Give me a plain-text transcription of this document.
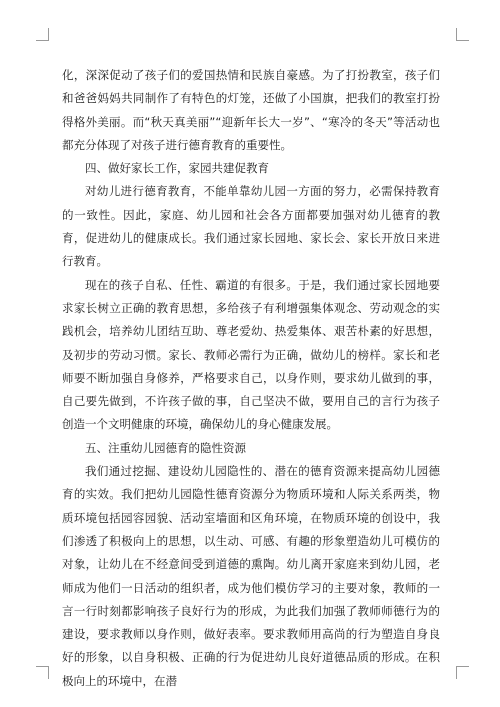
化，深深促动了孩子们的爱国热情和民族自豪感。为了打扮教室，孩子们和爸爸妈妈共同制作了有特色的灯笼，还做了小国旗，把我们的教室打扮得格外美丽。而“秋天真美丽”“迎新年长大一岁”、“寒冷的冬天”等活动也都充分体现了对孩子进行德育教育的重要性。

四、做好家长工作，家园共建促教育

对幼儿进行德育教育，不能单靠幼儿园一方面的努力，必需保持教育的一致性。因此，家庭、幼儿园和社会各方面都要加强对幼儿德育的教育，促进幼儿的健康成长。我们通过家长园地、家长会、家长开放日来进行教育。

现在的孩子自私、任性、霸道的有很多。于是，我们通过家长园地要求家长树立正确的教育思想，多给孩子有利增强集体观念、劳动观念的实践机会，培养幼儿团结互助、尊老爱幼、热爱集体、艰苦朴素的好思想，及初步的劳动习惯。家长、教师必需行为正确，做幼儿的榜样。家长和老师要不断加强自身修养，严格要求自己，以身作则，要求幼儿做到的事，自己要先做到，不许孩子做的事，自己坚决不做，要用自己的言行为孩子创造一个文明健康的环境，确保幼儿的身心健康发展。

五、注重幼儿园德育的隐性资源

我们通过挖掘、建设幼儿园隐性的、潜在的德育资源来提高幼儿园德育的实效。我们把幼儿园隐性德育资源分为物质环境和人际关系两类，物质环境包括园容园貌、活动室墙面和区角环境，在物质环境的创设中，我们渗透了积极向上的思想，以生动、可感、有趣的形象塑造幼儿可模仿的对象，让幼儿在不经意间受到道德的熏陶。幼儿离开家庭来到幼儿园，老师成为他们一日活动的组织者，成为他们模仿学习的主要对象，教师的一言一行时刻都影响孩子良好行为的形成，为此我们加强了教师师德行为的建设，要求教师以身作则，做好表率。要求教师用高尚的行为塑造自身良好的形象，以自身积极、正确的行为促进幼儿良好道德品质的形成。在积极向上的环境中，在潜
